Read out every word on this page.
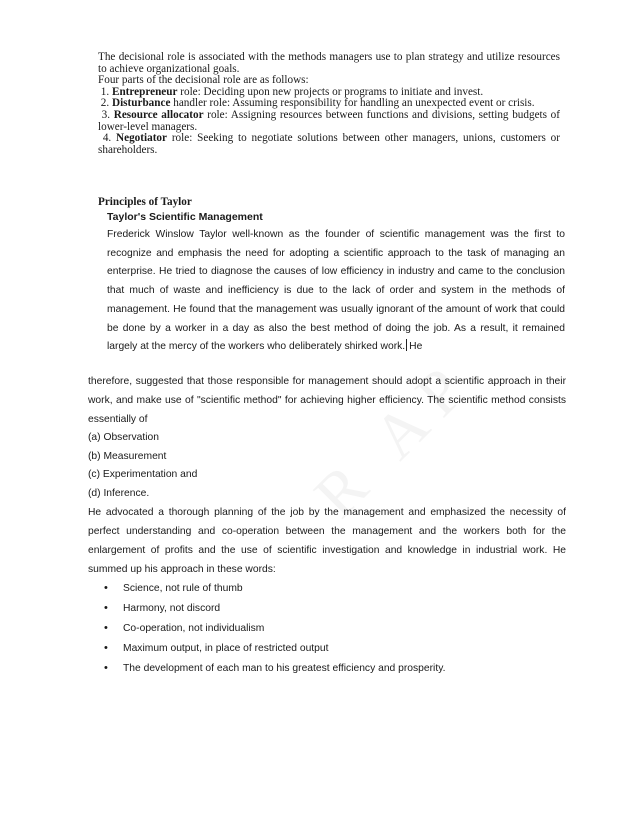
The decisional role is associated with the methods managers use to plan strategy and utilize resources to achieve organizational goals.

Four parts of the decisional role are as follows:

1. Entrepreneur role: Deciding upon new projects or programs to initiate and invest.

2. Disturbance handler role: Assuming responsibility for handling an unexpected event or crisis.

3. Resource allocator role: Assigning resources between functions and divisions, setting budgets of lower-level managers.

4. Negotiator role: Seeking to negotiate solutions between other managers, unions, customers or shareholders.

Principles of Taylor

Taylor's Scientific Management

Frederick Winslow Taylor well-known as the founder of scientific management was the first to recognize and emphasis the need for adopting a scientific approach to the task of managing an enterprise. He tried to diagnose the causes of low efficiency in industry and came to the conclusion that much of waste and inefficiency is due to the lack of order and system in the methods of management. He found that the management was usually ignorant of the amount of work that could be done by a worker in a day as also the best method of doing the job. As a result, it remained largely at the mercy of the workers who deliberately shirked work. He

therefore, suggested that those responsible for management should adopt a scientific approach in their work, and make use of "scientific method" for achieving higher efficiency. The scientific method consists essentially of

(a) Observation

(b) Measurement

(c) Experimentation and

(d) Inference.

He advocated a thorough planning of the job by the management and emphasized the necessity of perfect understanding and co-operation between the management and the workers both for the enlargement of profits and the use of scientific investigation and knowledge in industrial work. He summed up his approach in these words:

• Science, not rule of thumb
• Harmony, not discord
• Co-operation, not individualism
• Maximum output, in place of restricted output
• The development of each man to his greatest efficiency and prosperity.
